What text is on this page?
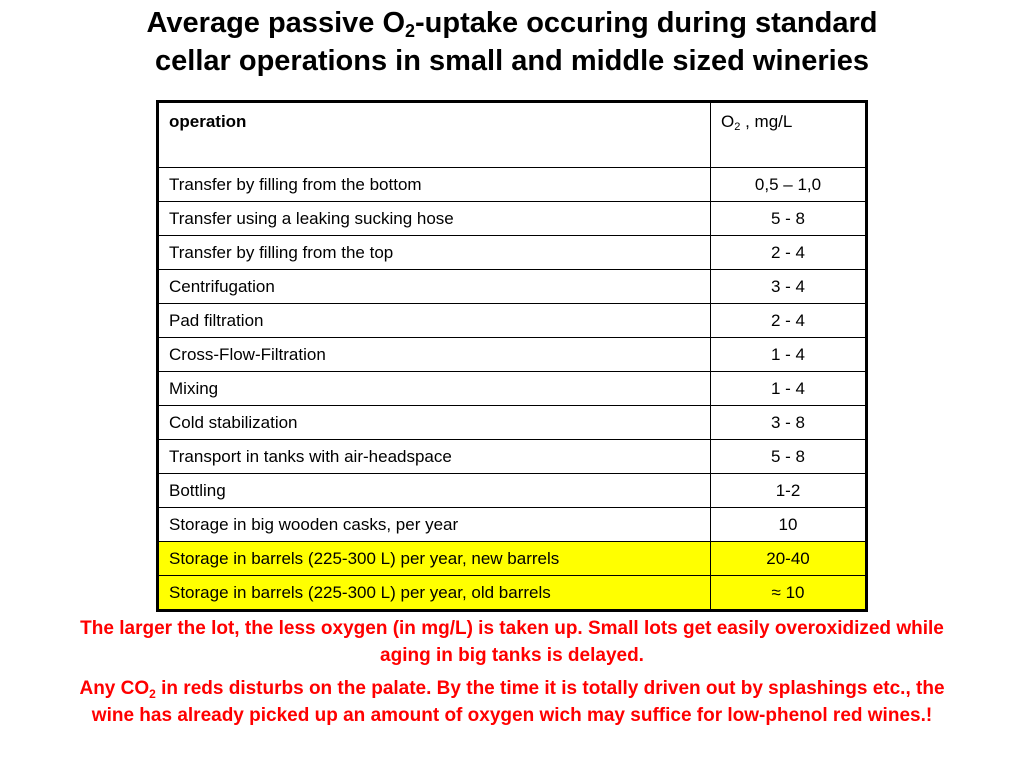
Average passive $O_2$-uptake occuring during standard
cellar operations in small and middle sized wineries
operation	$O_2$ , mg/L
Transfer by filling from the bottom	0,5 – 1,0
Transfer using a leaking sucking hose	5 - 8
Transfer by filling from the top	2 - 4
Centrifugation	3 - 4
Pad filtration	2 - 4
Cross-Flow-Filtration	1 - 4
Mixing	1 - 4
Cold stabilization	3 - 8
Transport in tanks with air-headspace	5 - 8
Bottling	1-2
Storage in big wooden casks, per year	10
Storage in barrels (225-300 L) per year, new barrels	20-40
Storage in barrels (225-300 L) per year, old barrels	≈ 10

The larger the lot, the less oxygen (in mg/L) is taken up. Small lots get easily overoxidized while aging in big tanks is delayed.

Any $CO_2$ in reds disturbs on the palate. By the time it is totally driven out by splashings etc., the wine has already picked up an amount of oxygen wich may suffice for low-phenol red wines.!
